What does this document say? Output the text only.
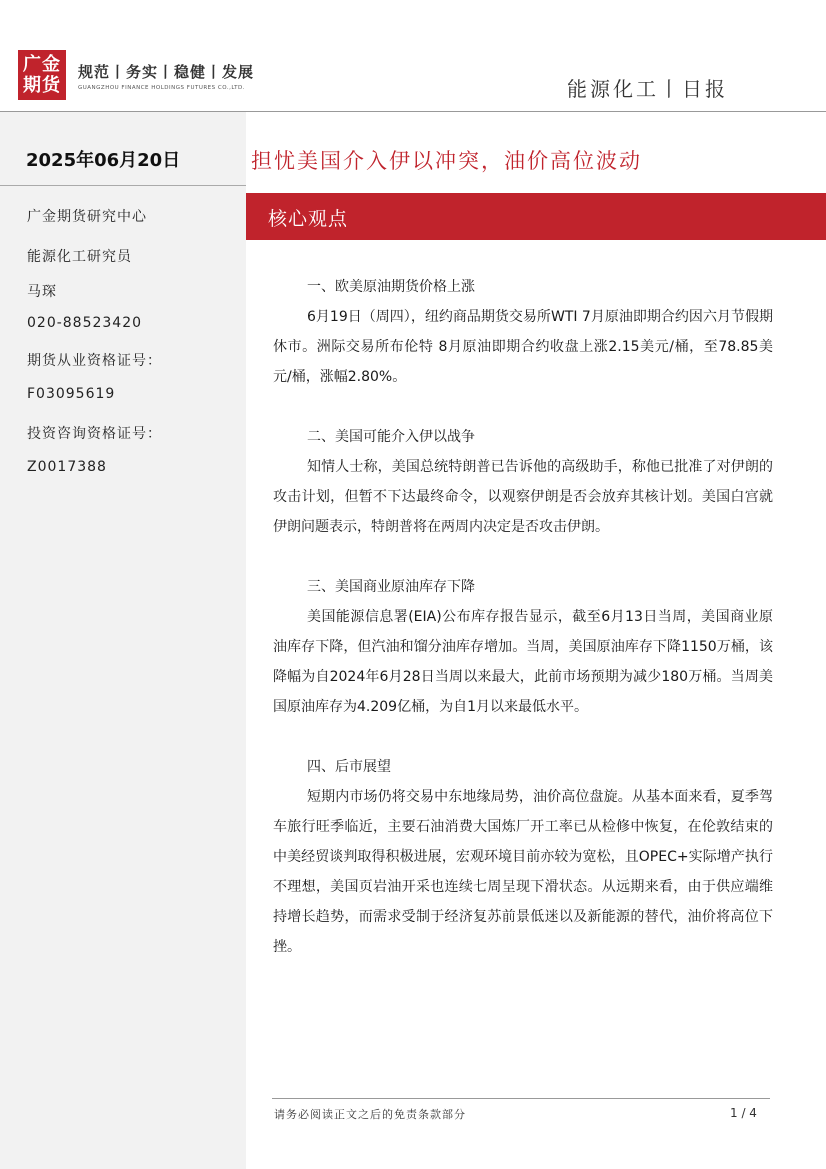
广金
期货
规范丨务实丨稳健丨发展
GUANGZHOU FINANCE HOLDINGS FUTURES CO.,LTD.	能源化工丨日报
2025年06月20日
广金期货研究中心
能源化工研究员
马琛
020-88523420
期货从业资格证号：
F03095619
投资咨询资格证号：
Z0017388
担忧美国介入伊以冲突，油价高位波动
核心观点
一、欧美原油期货价格上涨
6月19日（周四），纽约商品期货交易所WTI 7月原油即期合约因六月节假期休市。洲际交易所布伦特 8月原油即期合约收盘上涨2.15美元/桶，至78.85美元/桶，涨幅2.80%。
二、美国可能介入伊以战争
知情人士称，美国总统特朗普已告诉他的高级助手，称他已批准了对伊朗的攻击计划，但暂不下达最终命令，以观察伊朗是否会放弃其核计划。美国白宫就伊朗问题表示，特朗普将在两周内决定是否攻击伊朗。
三、美国商业原油库存下降
美国能源信息署(EIA)公布库存报告显示，截至6月13日当周，美国商业原油库存下降，但汽油和馏分油库存增加。当周，美国原油库存下降1150万桶，该降幅为自2024年6月28日当周以来最大，此前市场预期为减少180万桶。当周美国原油库存为4.209亿桶，为自1月以来最低水平。
四、后市展望
短期内市场仍将交易中东地缘局势，油价高位盘旋。从基本面来看，夏季驾车旅行旺季临近，主要石油消费大国炼厂开工率已从检修中恢复，在伦敦结束的中美经贸谈判取得积极进展，宏观环境目前亦较为宽松，且OPEC+实际增产执行不理想，美国页岩油开采也连续七周呈现下滑状态。从远期来看，由于供应端维持增长趋势，而需求受制于经济复苏前景低迷以及新能源的替代，油价将高位下挫。
请务必阅读正文之后的免责条款部分	1 / 4
